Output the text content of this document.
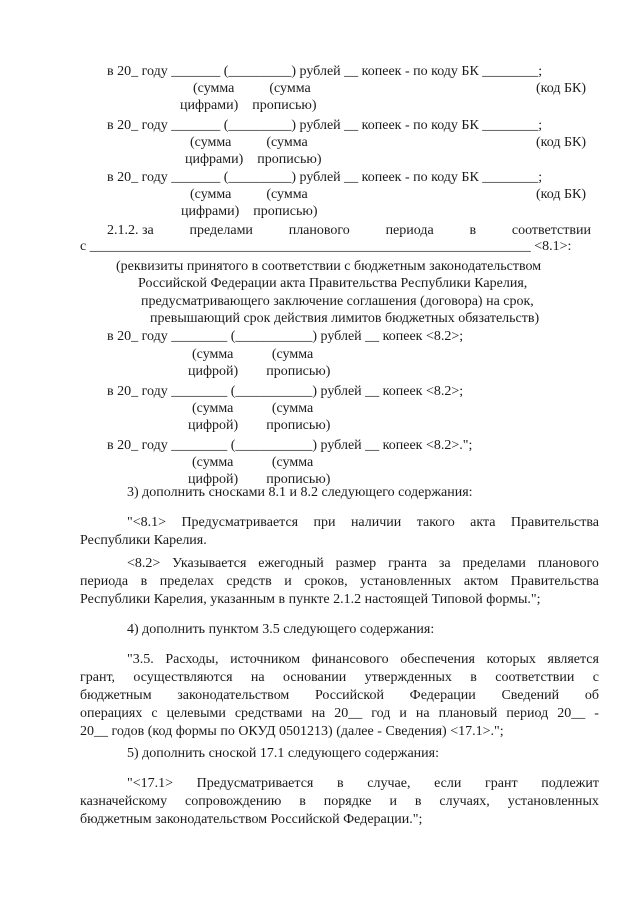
в 20_ году _______ (_________) рублей __ копеек - по коду БК ________;
(сумма          (сумма
цифрами)    прописью)
(код БК)
в 20_ году _______ (_________) рублей __ копеек - по коду БК ________;
(сумма          (сумма
цифрами)    прописью)
(код БК)
в 20_ году _______ (_________) рублей __ копеек - по коду БК ________;
(сумма          (сумма
цифрами)    прописью)
(код БК)
2.1.2. за	пределами	планового	периода	в	соответствии
с _______________________________________________________________ <8.1>:
(реквизиты принятого в соответствии с бюджетным законодательством
Российской Федерации акта Правительства Республики Карелия,
предусматривающего заключение соглашения (договора) на срок,
превышающий срок действия лимитов бюджетных обязательств)
в 20_ году ________ (___________) рублей __ копеек <8.2>;
(сумма           (сумма
цифрой)        прописью)
в 20_ году ________ (___________) рублей __ копеек <8.2>;
(сумма           (сумма
цифрой)        прописью)
в 20_ году ________ (___________) рублей __ копеек <8.2>.";
(сумма           (сумма
цифрой)        прописью)
3) дополнить сносками 8.1 и 8.2 следующего содержания:
"<8.1> Предусматривается при наличии такого акта Правительства
Республики Карелия.
<8.2> Указывается ежегодный размер гранта за пределами планового
периода в пределах средств и сроков, установленных актом Правительства
Республики Карелия, указанным в пункте 2.1.2 настоящей Типовой формы.";
4) дополнить пунктом 3.5 следующего содержания:
"3.5. Расходы, источником финансового обеспечения которых является
грант, осуществляются на основании утвержденных в соответствии с
бюджетным законодательством Российской Федерации Сведений об
операциях с целевыми средствами на 20__ год и на плановый период 20__ -
20__ годов (код формы по ОКУД 0501213) (далее - Сведения) <17.1>.";
5) дополнить сноской 17.1 следующего содержания:
"<17.1> Предусматривается в случае, если грант подлежит
казначейскому сопровождению в порядке и в случаях, установленных
бюджетным законодательством Российской Федерации.";
